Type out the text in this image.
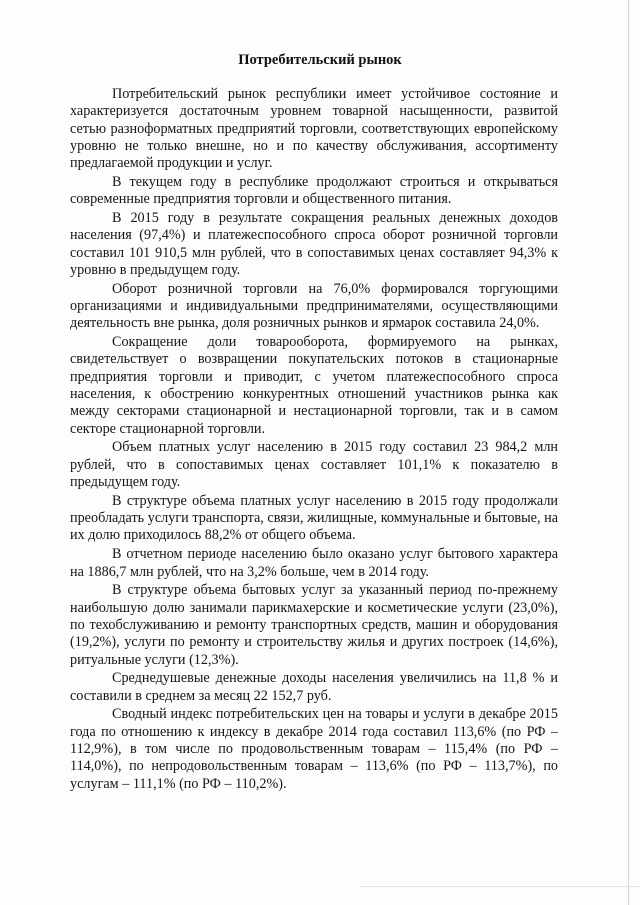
Потребительский рынок

Потребительский рынок республики имеет устойчивое состояние и характеризуется достаточным уровнем товарной насыщенности, развитой сетью разноформатных предприятий торговли, соответствующих европейскому уровню не только внешне, но и по качеству обслуживания, ассортименту предлагаемой продукции и услуг.

В текущем году в республике продолжают строиться и открываться современные предприятия торговли и общественного питания.

В 2015 году в результате сокращения реальных денежных доходов населения (97,4%) и платежеспособного спроса оборот розничной торговли составил 101 910,5 млн рублей, что в сопоставимых ценах составляет 94,3% к уровню в предыдущем году.

Оборот розничной торговли на 76,0% формировался торгующими организациями и индивидуальными предпринимателями, осуществляющими деятельность вне рынка, доля розничных рынков и ярмарок составила 24,0%.

Сокращение доли товарооборота, формируемого на рынках, свидетельствует о возвращении покупательских потоков в стационарные предприятия торговли и приводит, с учетом платежеспособного спроса населения, к обострению конкурентных отношений участников рынка как между секторами стационарной и нестационарной торговли, так и в самом секторе стационарной торговли.

Объем платных услуг населению в 2015 году составил 23 984,2 млн рублей, что в сопоставимых ценах составляет 101,1% к показателю в предыдущем году.

В структуре объема платных услуг населению в 2015 году продолжали преобладать услуги транспорта, связи, жилищные, коммунальные и бытовые, на их долю приходилось 88,2% от общего объема.

В отчетном периоде населению было оказано услуг бытового характера на 1886,7 млн рублей, что на 3,2% больше, чем в 2014 году.

В структуре объема бытовых услуг за указанный период по-прежнему наибольшую долю занимали парикмахерские и косметические услуги (23,0%), по техобслуживанию и ремонту транспортных средств, машин и оборудования (19,2%), услуги по ремонту и строительству жилья и других построек (14,6%), ритуальные услуги (12,3%).

Среднедушевые денежные доходы населения увеличились на 11,8 % и составили в среднем за месяц 22 152,7 руб.

Сводный индекс потребительских цен на товары и услуги в декабре 2015 года по отношению к индексу в декабре 2014 года составил 113,6% (по РФ – 112,9%), в том числе по продовольственным товарам – 115,4% (по РФ – 114,0%), по непродовольственным товарам – 113,6% (по РФ – 113,7%), по услугам – 111,1% (по РФ – 110,2%).
